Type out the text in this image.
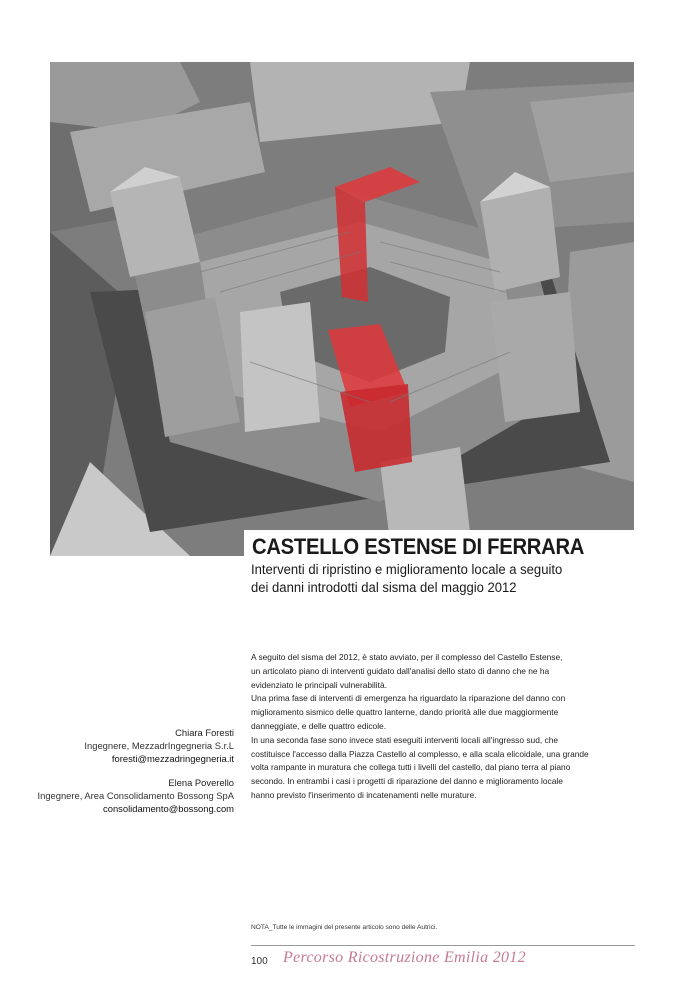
CASTELLO ESTENSE DI FERRARA
Interventi di ripristino e miglioramento locale a seguito
dei danni introdotti dal sisma del maggio 2012
Chiara Foresti
Ingegnere, MezzadrIngegneria S.r.L
foresti@mezzadringegneria.it
Elena Poverello
Ingegnere, Area Consolidamento Bossong SpA
consolidamento@bossong.com

A seguito del sisma del 2012, è stato avviato, per il complesso del Castello Estense,

un articolato piano di interventi guidato dall'analisi dello stato di danno che ne ha

evidenziato le principali vulnerabilità.

Una prima fase di interventi di emergenza ha riguardato la riparazione del danno con

miglioramento sismico delle quattro lanterne, dando priorità alle due maggiormente

danneggiate, e delle quattro edicole.

In una seconda fase sono invece stati eseguiti interventi locali all'ingresso sud, che

costituisce l'accesso dalla Piazza Castello al complesso, e alla scala elicoidale, una grande

volta rampante in muratura che collega tutti i livelli del castello, dal piano terra al piano

secondo. In entrambi i casi i progetti di riparazione del danno e miglioramento locale

hanno previsto l'inserimento di incatenamenti nelle murature.

NOTA_Tutte le immagini del presente articolo sono delle Autrici.
100 Percorso Ricostruzione Emilia 2012
